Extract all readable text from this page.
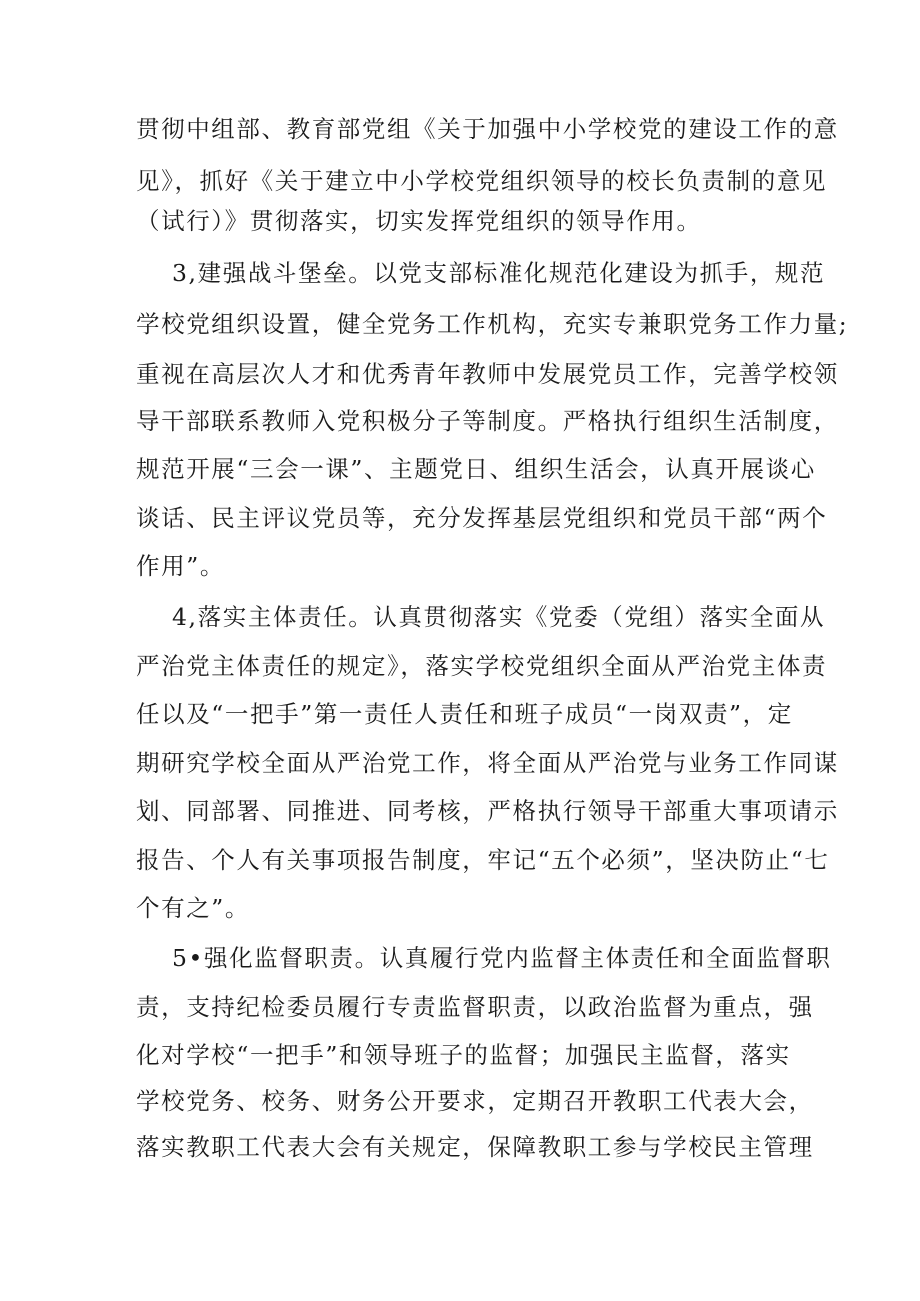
贯彻中组部、教育部党组《关于加强中小学校党的建设工作的意
见》，抓好《关于建立中小学校党组织领导的校长负责制的意见
（试行）》贯彻落实，切实发挥党组织的领导作用。
3,建强战斗堡垒。以党支部标准化规范化建设为抓手，规范
学校党组织设置，健全党务工作机构，充实专兼职党务工作力量;
重视在高层次人才和优秀青年教师中发展党员工作，完善学校领
导干部联系教师入党积极分子等制度。严格执行组织生活制度，
规范开展“三会一课”、主题党日、组织生活会，认真开展谈心
谈话、民主评议党员等，充分发挥基层党组织和党员干部“两个
作用”。
4,落实主体责任。认真贯彻落实《党委（党组）落实全面从
严治党主体责任的规定》，落实学校党组织全面从严治党主体责
任以及“一把手”第一责任人责任和班子成员“一岗双责”，定
期研究学校全面从严治党工作，将全面从严治党与业务工作同谋
划、同部署、同推进、同考核，严格执行领导干部重大事项请示
报告、个人有关事项报告制度，牢记“五个必须”，坚决防止“七
个有之”。
5•强化监督职责。认真履行党内监督主体责任和全面监督职
责，支持纪检委员履行专责监督职责，以政治监督为重点，强
化对学校“一把手”和领导班子的监督；加强民主监督，落实
学校党务、校务、财务公开要求，定期召开教职工代表大会，
落实教职工代表大会有关规定，保障教职工参与学校民主管理
